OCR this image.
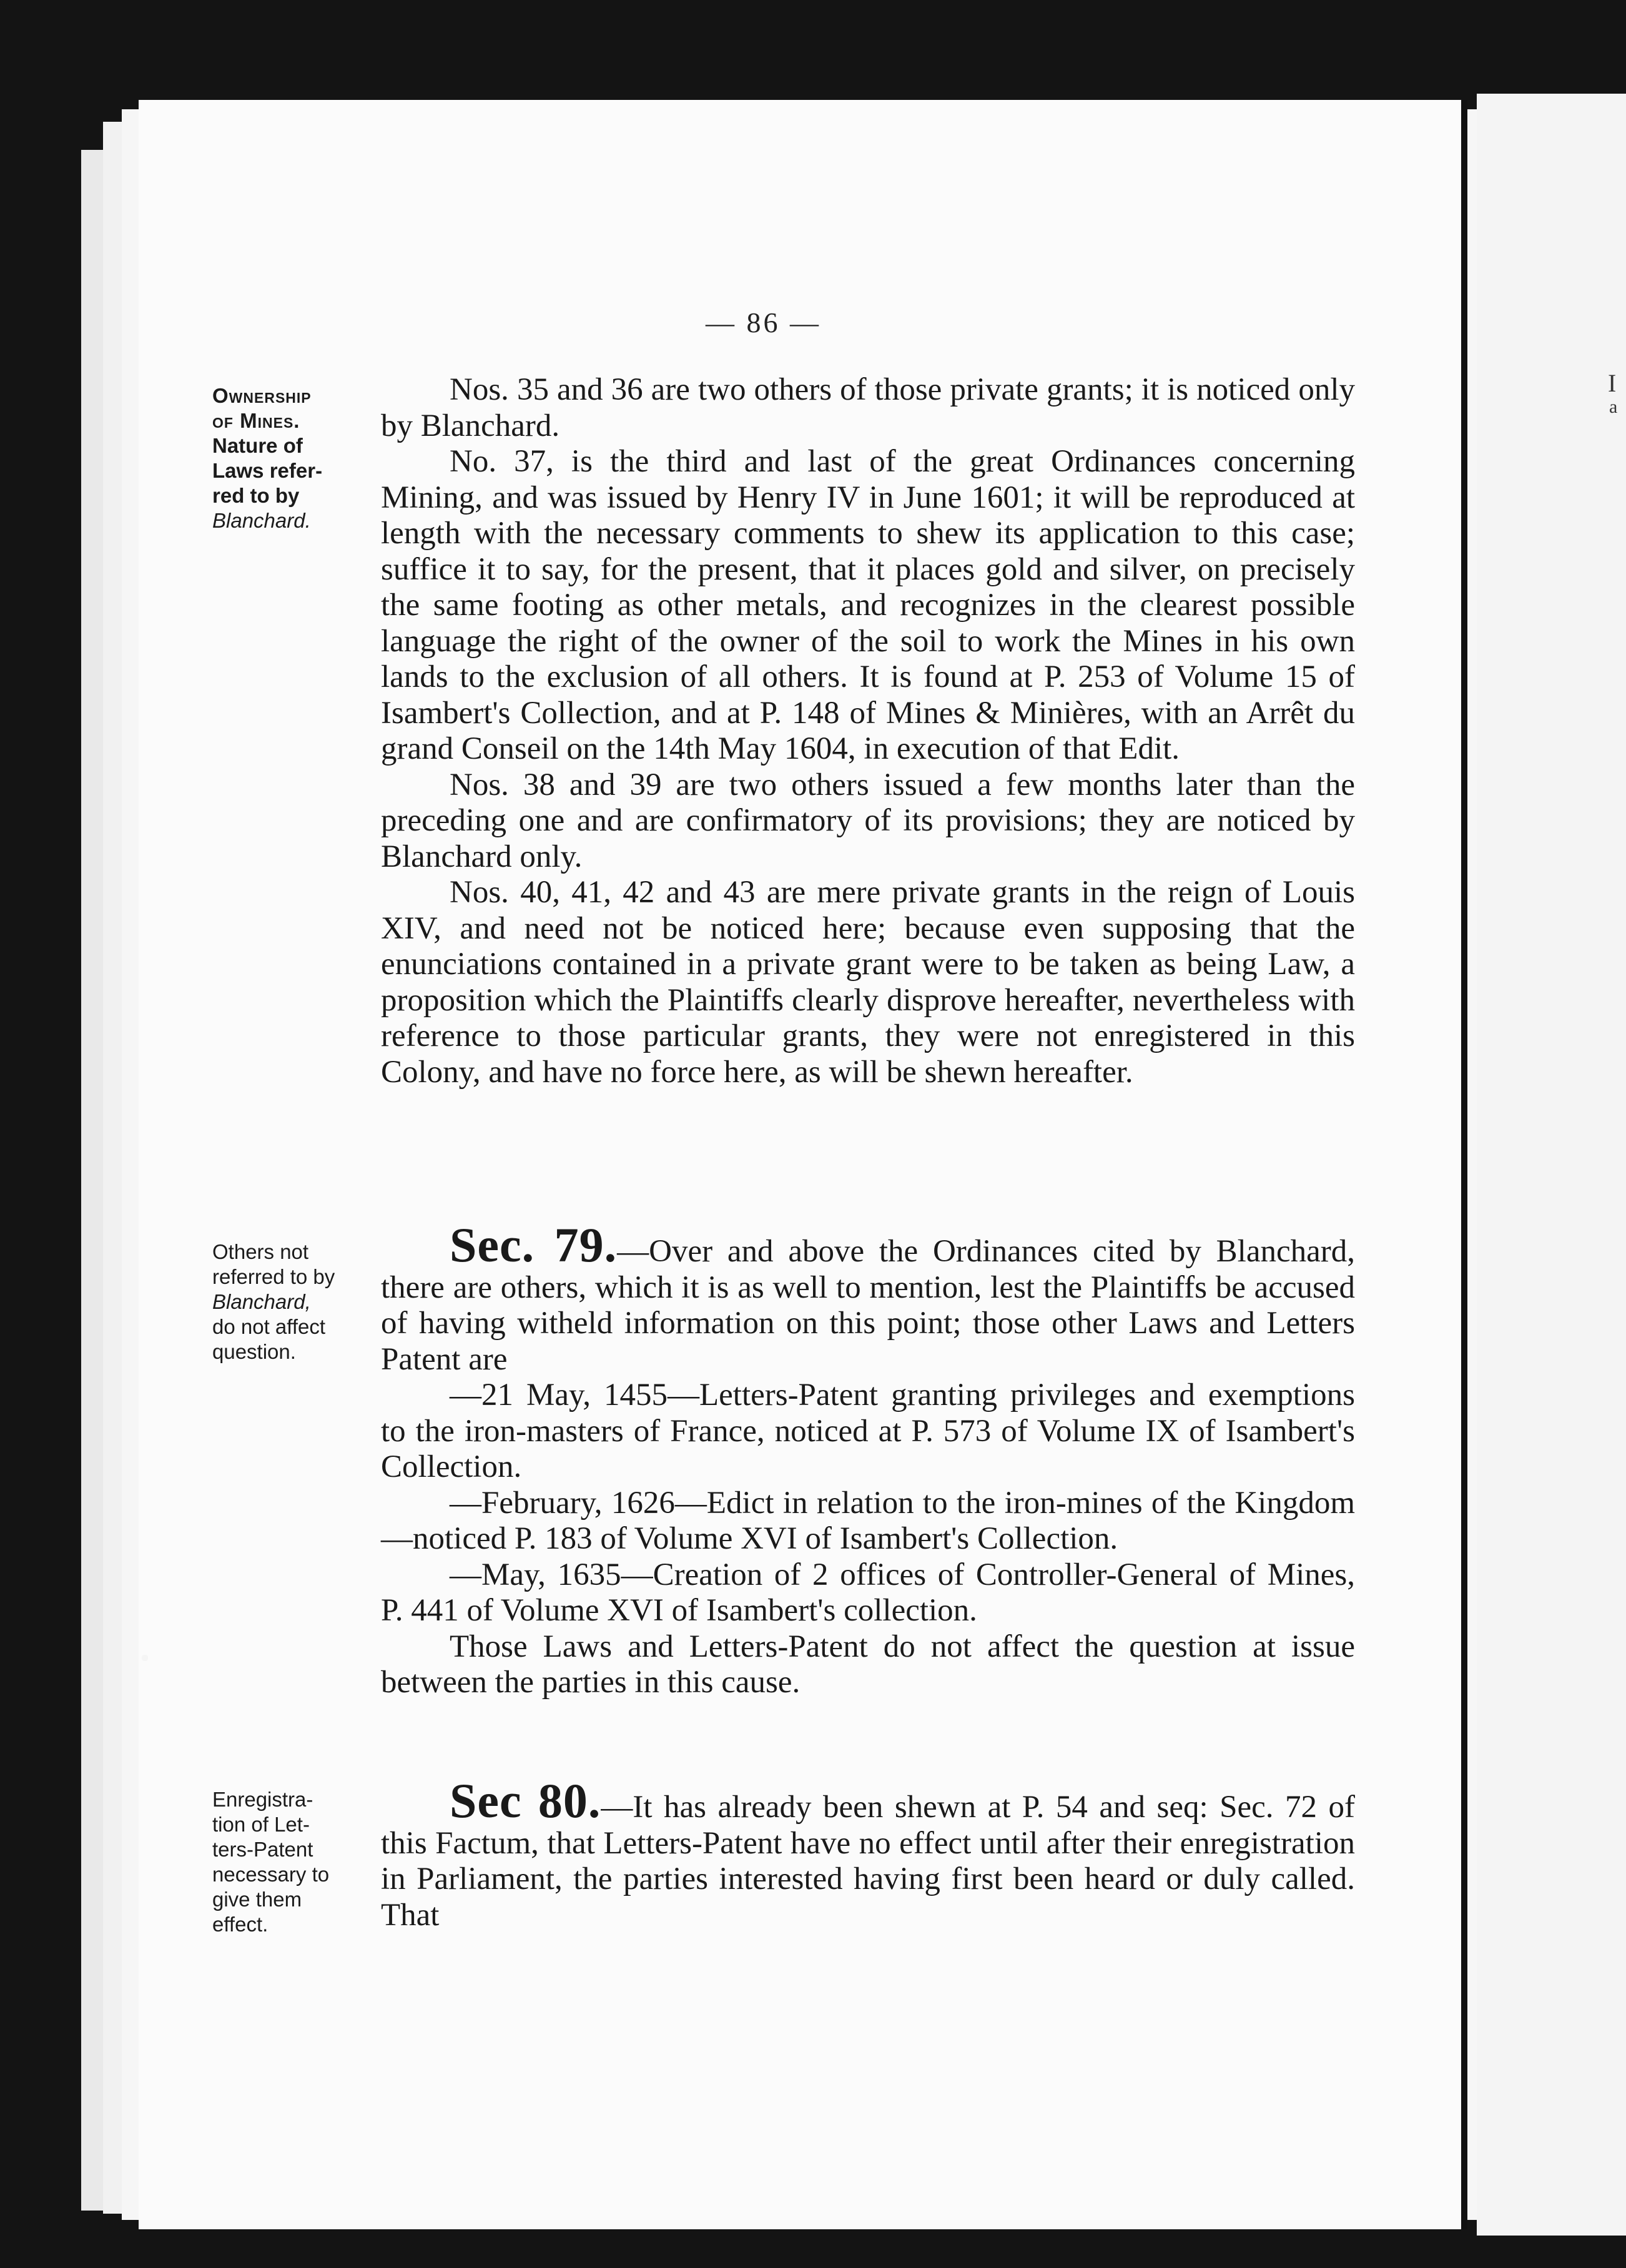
I
a
— 86 —
Ownership
of Mines.
Nature of
Laws refer-
red to by
Blanchard.
Others not
referred to by
Blanchard,
do not affect
question.
Enregistra-
tion of Let-
ters-Patent
necessary to
give them
effect.

Nos. 35 and 36 are two others of those private grants; it is noticed only by Blanchard.

No. 37, is the third and last of the great Ordinances concerning Mining, and was issued by Henry IV in June 1601; it will be reproduced at length with the necessary comments to shew its application to this case; suffice it to say, for the present, that it places gold and silver, on precisely the same footing as other metals, and recognizes in the clearest possible language the right of the owner of the soil to work the Mines in his own lands to the exclusion of all others. It is found at P. 253 of Volume 15 of Isambert's Collection, and at P. 148 of Mines & Minières, with an Arrêt du grand Conseil on the 14th May 1604, in execution of that Edit.

Nos. 38 and 39 are two others issued a few months later than the preceding one and are confirmatory of its provisions; they are noticed by Blanchard only.

Nos. 40, 41, 42 and 43 are mere private grants in the reign of Louis XIV, and need not be noticed here; because even supposing that the enunciations contained in a private grant were to be taken as being Law, a proposition which the Plaintiffs clearly disprove hereafter, nevertheless with reference to those particular grants, they were not enregistered in this Colony, and have no force here, as will be shewn hereafter.

Sec. 79.—Over and above the Ordinances cited by Blanchard, there are others, which it is as well to mention, lest the Plaintiffs be accused of having witheld information on this point; those other Laws and Letters Patent are

—21 May, 1455—Letters-Patent granting privileges and exemptions to the iron-masters of France, noticed at P. 573 of Volume IX of Isambert's Collection.

—February, 1626—Edict in relation to the iron-mines of the Kingdom—noticed P. 183 of Volume XVI of Isambert's Collection.

—May, 1635—Creation of 2 offices of Controller-General of Mines, P. 441 of Volume XVI of Isambert's collection.

Those Laws and Letters-Patent do not affect the question at issue between the parties in this cause.

Sec 80.—It has already been shewn at P. 54 and seq: Sec. 72 of this Factum, that Letters-Patent have no effect until after their enregistration in Parliament, the parties interested having first been heard or duly called. That
